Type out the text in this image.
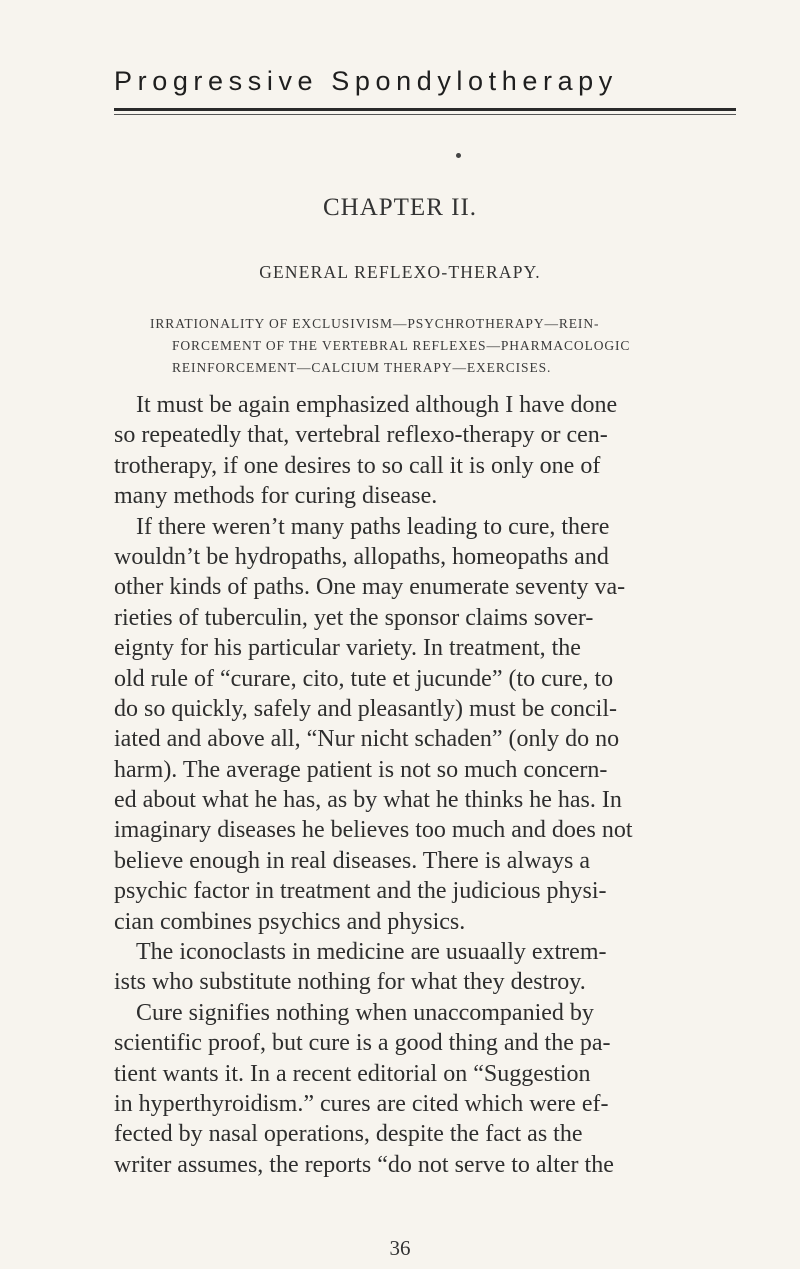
Progressive Spondylotherapy
CHAPTER II.
GENERAL REFLEXO-THERAPY.
IRRATIONALITY OF EXCLUSIVISM—PSYCHROTHERAPY—REIN-
FORCEMENT OF THE VERTEBRAL REFLEXES—PHARMACOLOGIC
REINFORCEMENT—CALCIUM THERAPY—EXERCISES.
It must be again emphasized although I have done
so repeatedly that, vertebral reflexo-therapy or cen-
trotherapy, if one desires to so call it is only one of
many methods for curing disease.
If there weren’t many paths leading to cure, there
wouldn’t be hydropaths, allopaths, homeopaths and
other kinds of paths. One may enumerate seventy va-
rieties of tuberculin, yet the sponsor claims sover-
eignty for his particular variety. In treatment, the
old rule of “curare, cito, tute et jucunde” (to cure, to
do so quickly, safely and pleasantly) must be concil-
iated and above all, “Nur nicht schaden” (only do no
harm). The average patient is not so much concern-
ed about what he has, as by what he thinks he has. In
imaginary diseases he believes too much and does not
believe enough in real diseases. There is always a
psychic factor in treatment and the judicious physi-
cian combines psychics and physics.
The iconoclasts in medicine are usuaally extrem-
ists who substitute nothing for what they destroy.
Cure signifies nothing when unaccompanied by
scientific proof, but cure is a good thing and the pa-
tient wants it. In a recent editorial on “Suggestion
in hyperthyroidism.” cures are cited which were ef-
fected by nasal operations, despite the fact as the
writer assumes, the reports “do not serve to alter the
36
